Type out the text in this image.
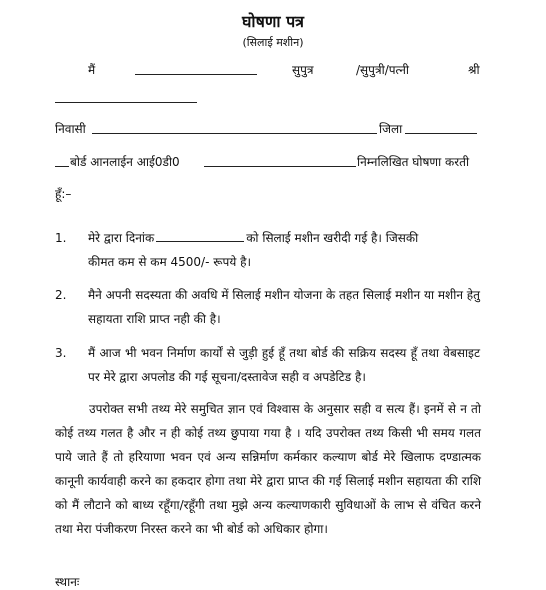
घोषणा पत्र
(सिलाई मशीन)
मैं	सुपुत्र	/सुपुत्री/पत्नी	श्री
निवासी	जिला
बोर्ड आनलाईन आई0डी0	निम्नलिखित घोषणा करती
हूँ:–
1. मेरे द्वारा दिनांक	को सिलाई मशीन खरीदी गई है। जिसकी
कीमत कम से कम 4500/- रूपये है।
2. मैने अपनी सदस्यता की अवधि में सिलाई मशीन योजना के तहत सिलाई मशीन या मशीन हेतु सहायता राशि प्राप्त नही की है।
3. मैं आज भी भवन निर्माण कार्यों से जुड़ी हुई हूँ तथा बोर्ड की सक्रिय सदस्य हूँ तथा वेबसाइट पर मेरे द्वारा अपलोड की गई सूचना/दस्तावेज सही व अपडेटिड है।
उपरोक्त सभी तथ्य मेरे समुचित ज्ञान एवं विश्वास के अनुसार सही व सत्य हैं। इनमें से न तो कोई तथ्य गलत है और न ही कोई तथ्य छुपाया गया है । यदि उपरोक्त तथ्य किसी भी समय गलत पाये जाते हैं तो हरियाणा भवन एवं अन्य सन्निर्माण कर्मकार कल्याण बोर्ड मेरे खिलाफ दण्डात्मक कानूनी कार्यवाही करने का हकदार होगा तथा मेरे द्वारा प्राप्त की गई सिलाई मशीन सहायता की राशि को मैं लौटाने को बाध्य रहूँगा/रहूँगी तथा मुझे अन्य कल्याणकारी सुविधाओं के लाभ से वंचित करने तथा मेरा पंजीकरण निरस्त करने का भी बोर्ड को अधिकार होगा।
स्थानः
